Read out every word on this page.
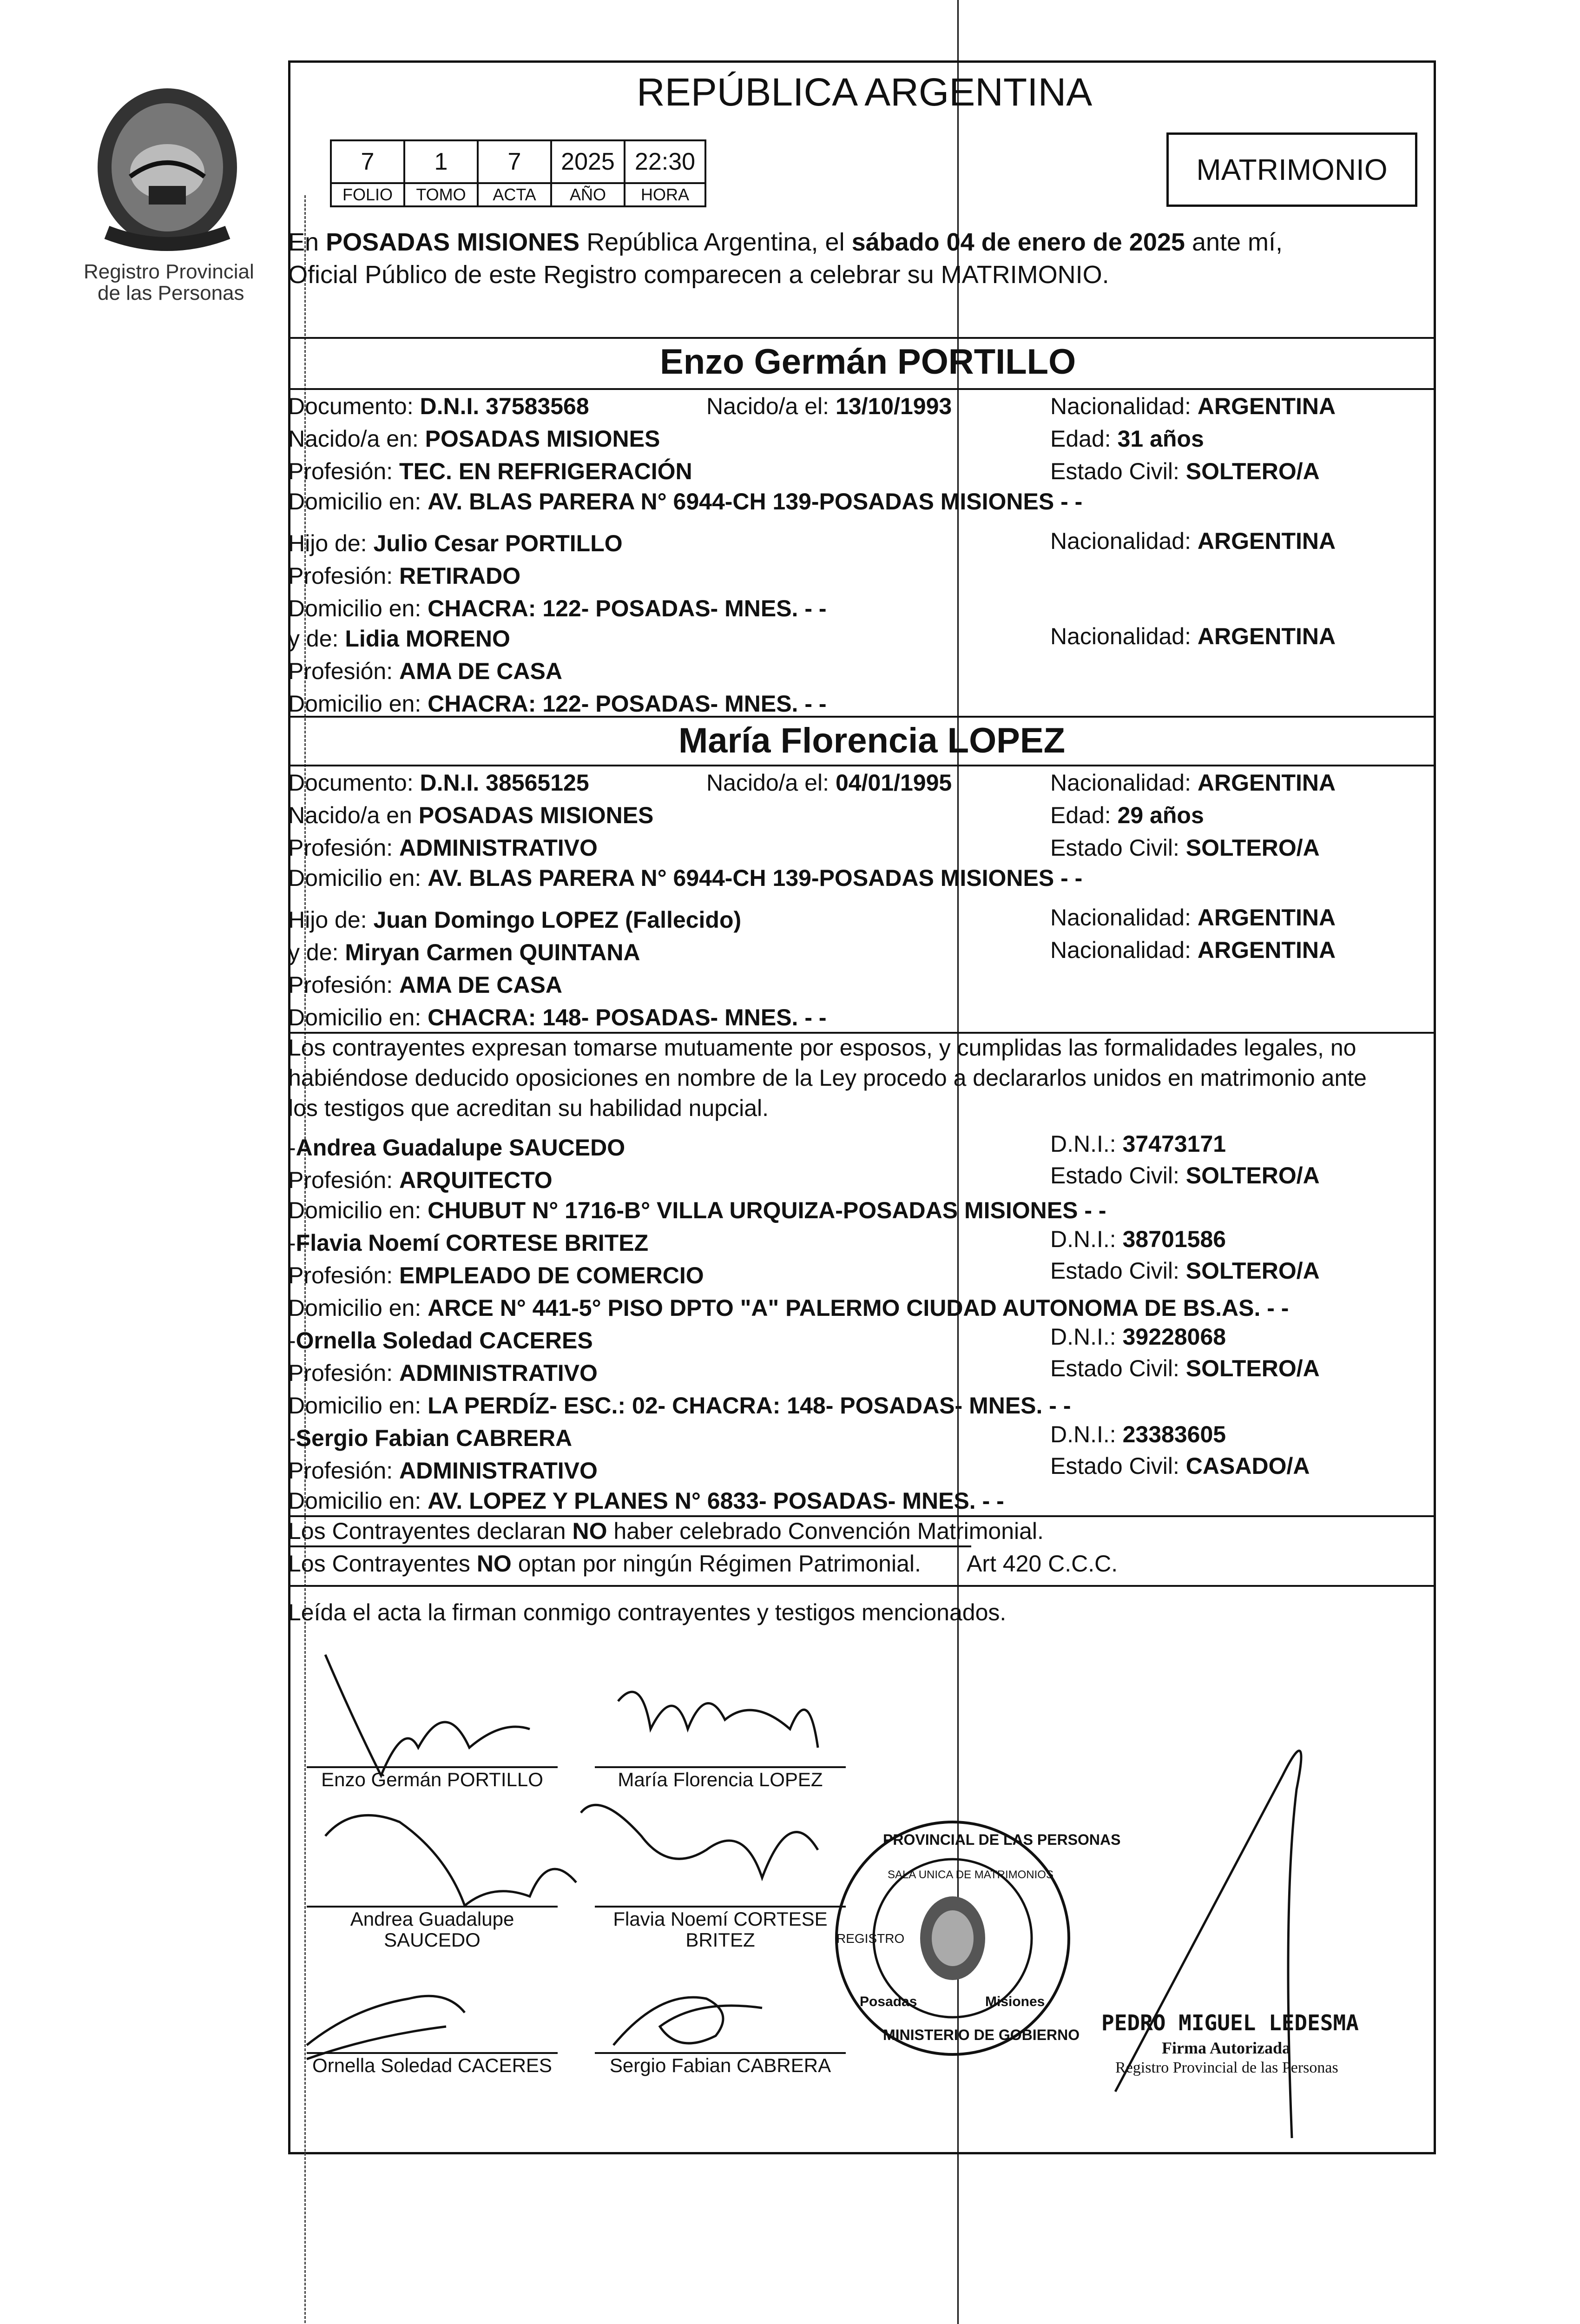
Registro Provincial
de las Personas
REPÚBLICA ARGENTINA
7	1	7	2025	22:30
FOLIO	TOMO	ACTA	AÑO	HORA
MATRIMONIO
En POSADAS MISIONES República Argentina, el sábado 04 de enero de 2025 ante mí,
Oficial Público de este Registro comparecen a celebrar su MATRIMONIO.
Enzo Germán PORTILLO
Documento: D.N.I. 37583568	Nacido/a el: 13/10/1993	Nacionalidad: ARGENTINA
Nacido/a en: POSADAS MISIONES	Edad: 31 años
Profesión: TEC. EN REFRIGERACIÓN	Estado Civil: SOLTERO/A
Domicilio en: AV. BLAS PARERA N° 6944-CH 139-POSADAS MISIONES - -
Hijo de: Julio Cesar PORTILLO	Nacionalidad: ARGENTINA
Profesión: RETIRADO
Domicilio en: CHACRA: 122- POSADAS- MNES. - -
y de: Lidia MORENO	Nacionalidad: ARGENTINA
Profesión: AMA DE CASA
Domicilio en: CHACRA: 122- POSADAS- MNES. - -
María Florencia LOPEZ
Documento: D.N.I. 38565125	Nacido/a el: 04/01/1995	Nacionalidad: ARGENTINA
Nacido/a en POSADAS MISIONES	Edad: 29 años
Profesión: ADMINISTRATIVO	Estado Civil: SOLTERO/A
Domicilio en: AV. BLAS PARERA N° 6944-CH 139-POSADAS MISIONES - -
Hijo de: Juan Domingo LOPEZ (Fallecido)	Nacionalidad: ARGENTINA
y de: Miryan Carmen QUINTANA	Nacionalidad: ARGENTINA
Profesión: AMA DE CASA
Domicilio en: CHACRA: 148- POSADAS- MNES. - -
Los contrayentes expresan tomarse mutuamente por esposos, y cumplidas las formalidades legales, no
habiéndose deducido oposiciones en nombre de la Ley procedo a declararlos unidos en matrimonio ante
los testigos que acreditan su habilidad nupcial.
-Andrea Guadalupe SAUCEDO	D.N.I.: 37473171
Profesión: ARQUITECTO	Estado Civil: SOLTERO/A
Domicilio en: CHUBUT N° 1716-B° VILLA URQUIZA-POSADAS MISIONES - -
-Flavia Noemí CORTESE BRITEZ	D.N.I.: 38701586
Profesión: EMPLEADO DE COMERCIO	Estado Civil: SOLTERO/A
Domicilio en: ARCE N° 441-5° PISO DPTO "A" PALERMO CIUDAD AUTONOMA DE BS.AS. - -
-Ornella Soledad CACERES	D.N.I.: 39228068
Profesión: ADMINISTRATIVO	Estado Civil: SOLTERO/A
Domicilio en: LA PERDÍZ- ESC.: 02- CHACRA: 148- POSADAS- MNES. - -
-Sergio Fabian CABRERA	D.N.I.: 23383605
Profesión: ADMINISTRATIVO	Estado Civil: CASADO/A
Domicilio en: AV. LOPEZ Y PLANES N° 6833- POSADAS- MNES. - -
Los Contrayentes declaran NO haber celebrado Convención Matrimonial.
Los Contrayentes NO optan por ningún Régimen Patrimonial. Art 420 C.C.C.
Leída el acta la firman conmigo contrayentes y testigos mencionados.
Enzo Germán PORTILLO	María Florencia LOPEZ
Andrea Guadalupe
SAUCEDO
Flavia Noemí CORTESE
BRITEZ
Ornella Soledad CACERES	Sergio Fabian CABRERA
PROVINCIAL DE LAS PERSONAS
SALA UNICA DE MATRIMONIOS
REGISTRO
Posadas	Misiones
MINISTERIO DE GOBIERNO PEDRO MIGUEL LEDESMA
Firma Autorizada
Registro Provincial de las Personas
